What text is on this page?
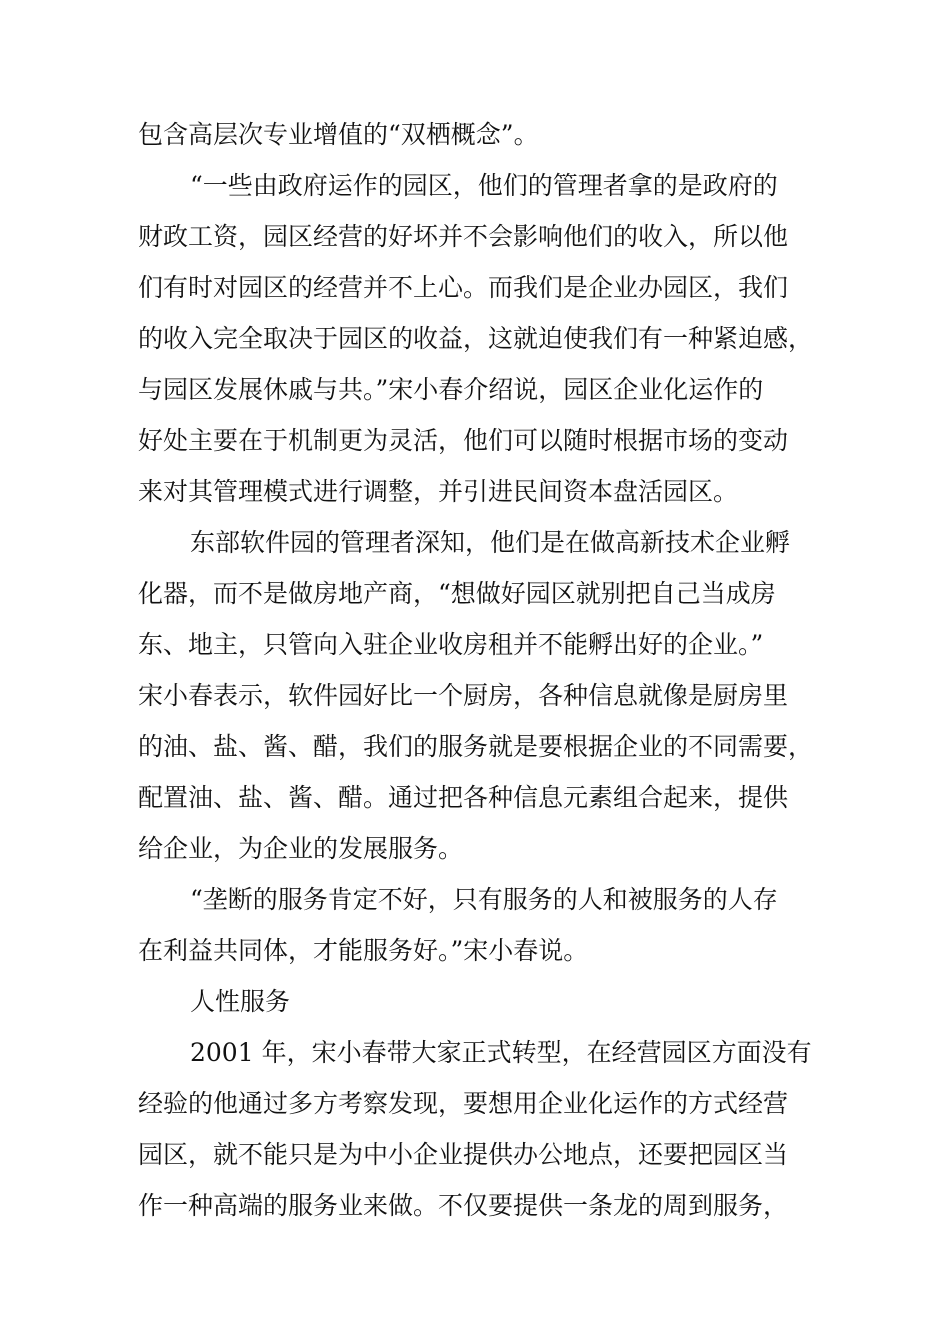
包含高层次专业增值的“双栖概念”。

“一些由政府运作的园区，他们的管理者拿的是政府的

财政工资，园区经营的好坏并不会影响他们的收入，所以他

们有时对园区的经营并不上心。而我们是企业办园区，我们

的收入完全取决于园区的收益，这就迫使我们有一种紧迫感，

与园区发展休戚与共。”宋小春介绍说，园区企业化运作的

好处主要在于机制更为灵活，他们可以随时根据市场的变动

来对其管理模式进行调整，并引进民间资本盘活园区。

东部软件园的管理者深知，他们是在做高新技术企业孵

化器，而不是做房地产商，“想做好园区就别把自己当成房

东、地主，只管向入驻企业收房租并不能孵出好的企业。”

宋小春表示，软件园好比一个厨房，各种信息就像是厨房里

的油、盐、酱、醋，我们的服务就是要根据企业的不同需要，

配置油、盐、酱、醋。通过把各种信息元素组合起来，提供

给企业，为企业的发展服务。

“垄断的服务肯定不好，只有服务的人和被服务的人存

在利益共同体，才能服务好。”宋小春说。

人性服务

2001 年，宋小春带大家正式转型，在经营园区方面没有

经验的他通过多方考察发现，要想用企业化运作的方式经营

园区，就不能只是为中小企业提供办公地点，还要把园区当

作一种高端的服务业来做。不仅要提供一条龙的周到服务，
